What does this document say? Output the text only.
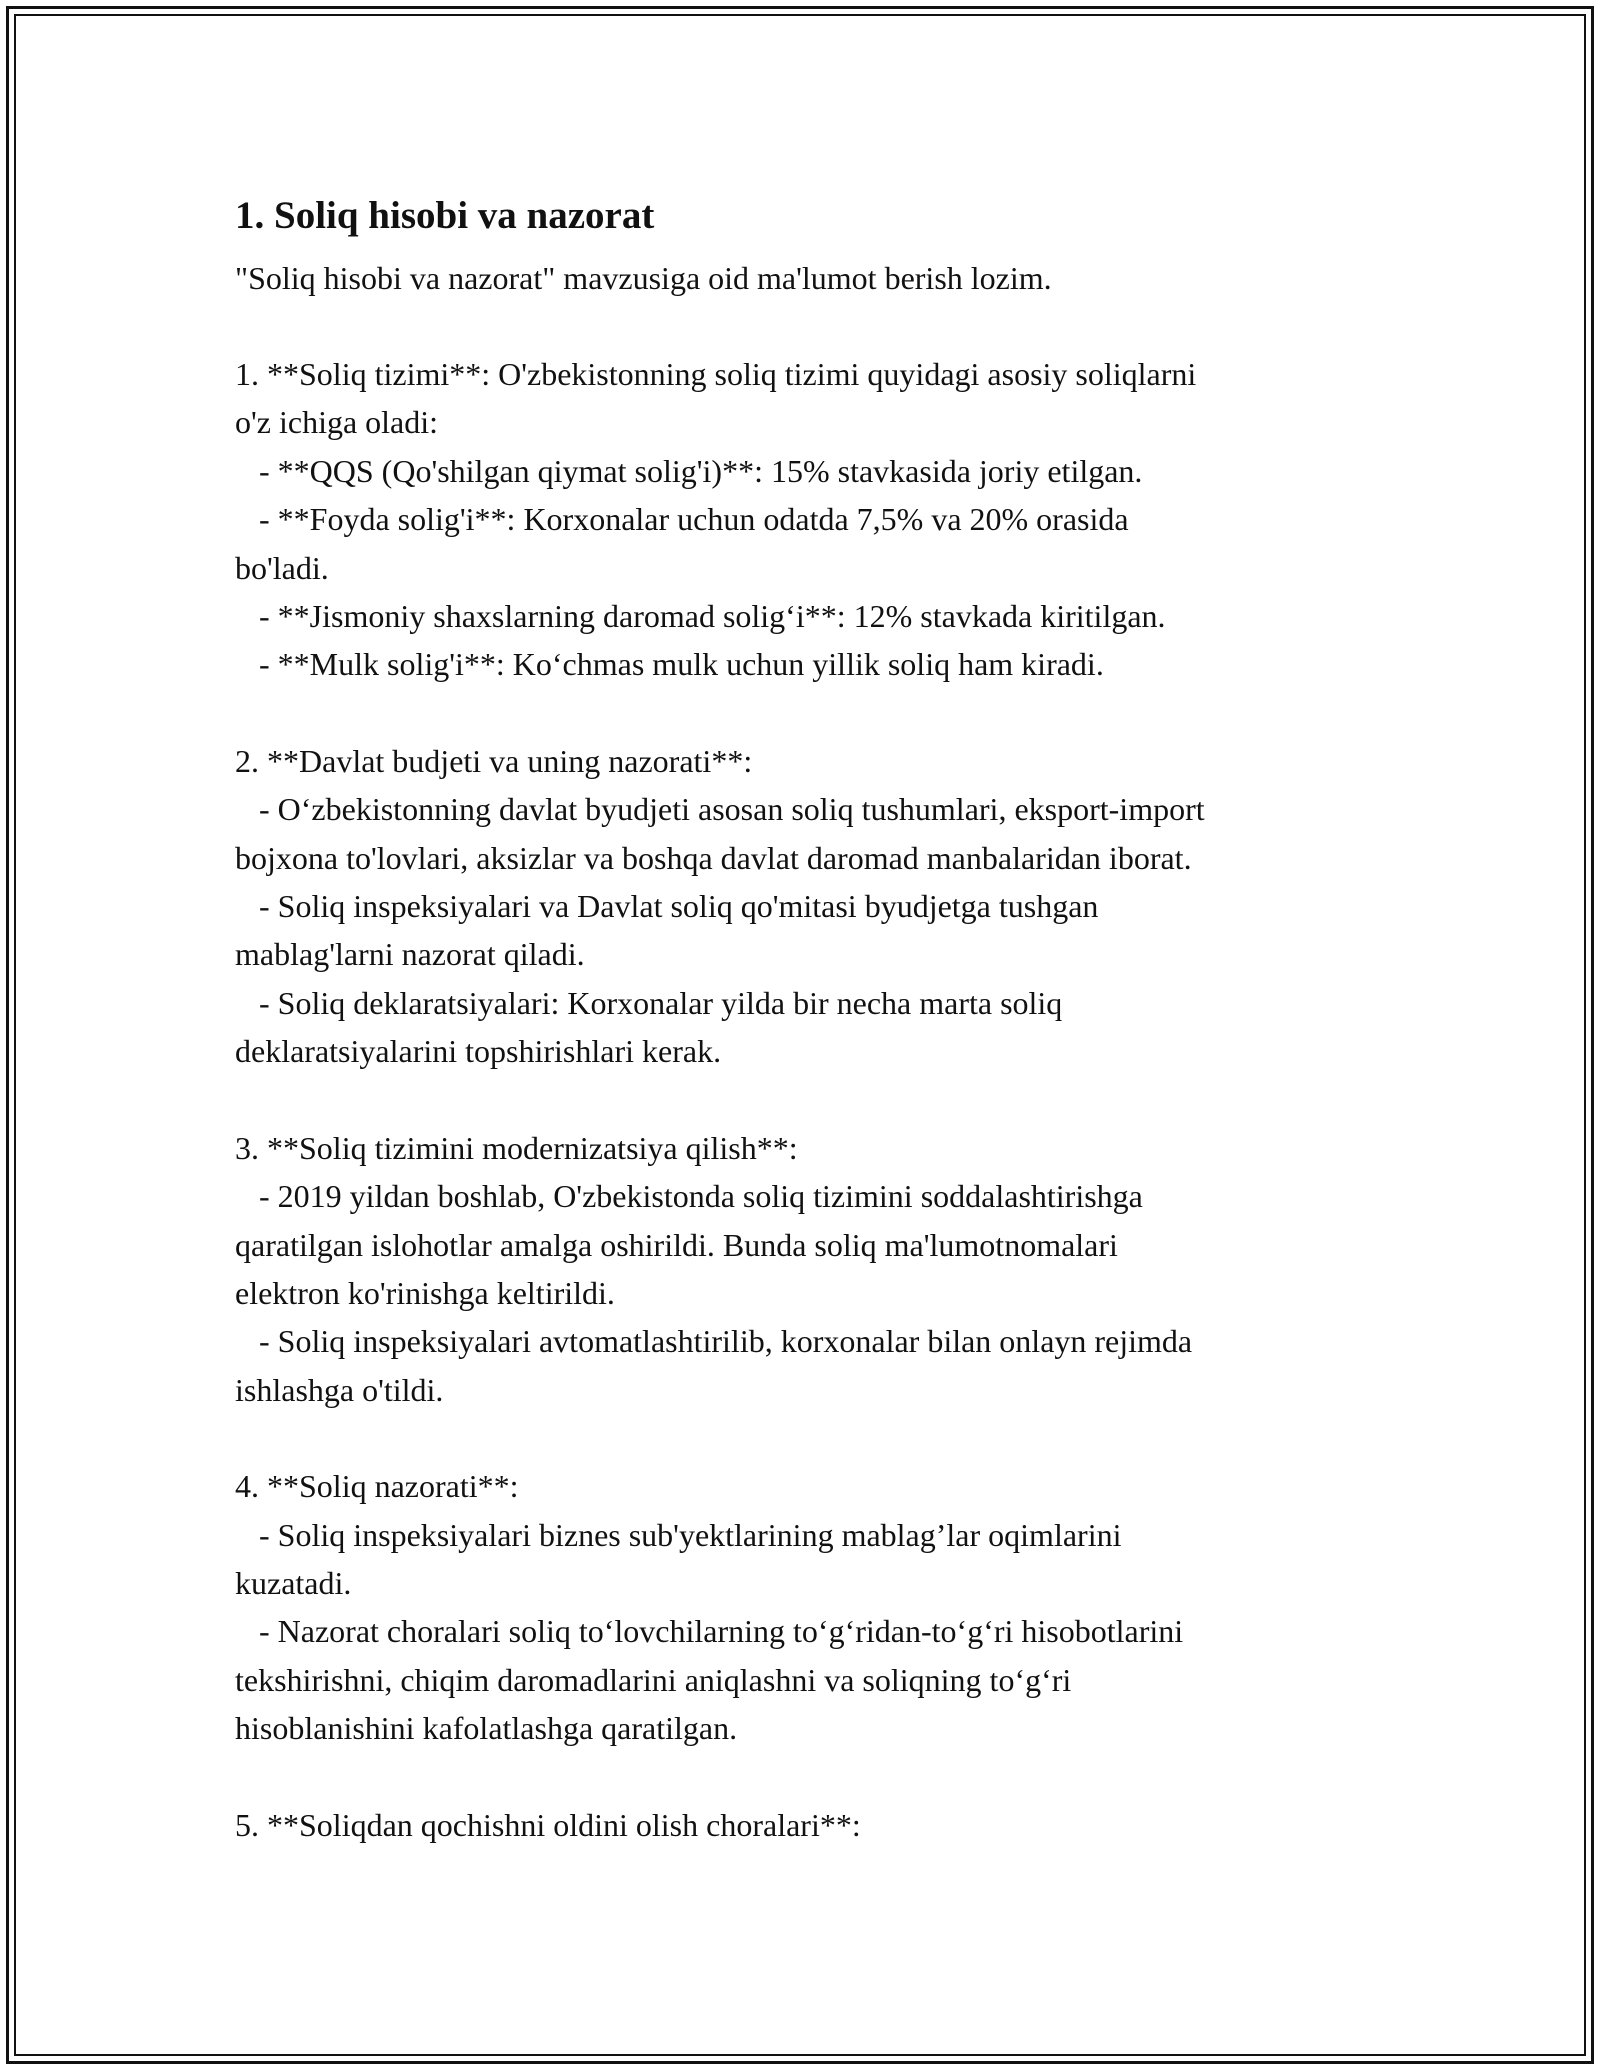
1. Soliq hisobi va nazorat

"Soliq hisobi va nazorat" mavzusiga oid ma'lumot berish lozim.

1. **Soliq tizimi**: O'zbekistonning soliq tizimi quyidagi asosiy soliqlarni

o'z ichiga oladi:

- **QQS (Qo'shilgan qiymat solig'i)**: 15% stavkasida joriy etilgan.

- **Foyda solig'i**: Korxonalar uchun odatda 7,5% va 20% orasida

bo'ladi.

- **Jismoniy shaxslarning daromad solig‘i**: 12% stavkada kiritilgan.

- **Mulk solig'i**: Ko‘chmas mulk uchun yillik soliq ham kiradi.

2. **Davlat budjeti va uning nazorati**:

- O‘zbekistonning davlat byudjeti asosan soliq tushumlari, eksport-import

bojxona to'lovlari, aksizlar va boshqa davlat daromad manbalaridan iborat.

- Soliq inspeksiyalari va Davlat soliq qo'mitasi byudjetga tushgan

mablag'larni nazorat qiladi.

- Soliq deklaratsiyalari: Korxonalar yilda bir necha marta soliq

deklaratsiyalarini topshirishlari kerak.

3. **Soliq tizimini modernizatsiya qilish**:

- 2019 yildan boshlab, O'zbekistonda soliq tizimini soddalashtirishga

qaratilgan islohotlar amalga oshirildi. Bunda soliq ma'lumotnomalari

elektron ko'rinishga keltirildi.

- Soliq inspeksiyalari avtomatlashtirilib, korxonalar bilan onlayn rejimda

ishlashga o'tildi.

4. **Soliq nazorati**:

- Soliq inspeksiyalari biznes sub'yektlarining mablag’lar oqimlarini

kuzatadi.

- Nazorat choralari soliq to‘lovchilarning to‘g‘ridan-to‘g‘ri hisobotlarini

tekshirishni, chiqim daromadlarini aniqlashni va soliqning to‘g‘ri

hisoblanishini kafolatlashga qaratilgan.

5. **Soliqdan qochishni oldini olish choralari**:
